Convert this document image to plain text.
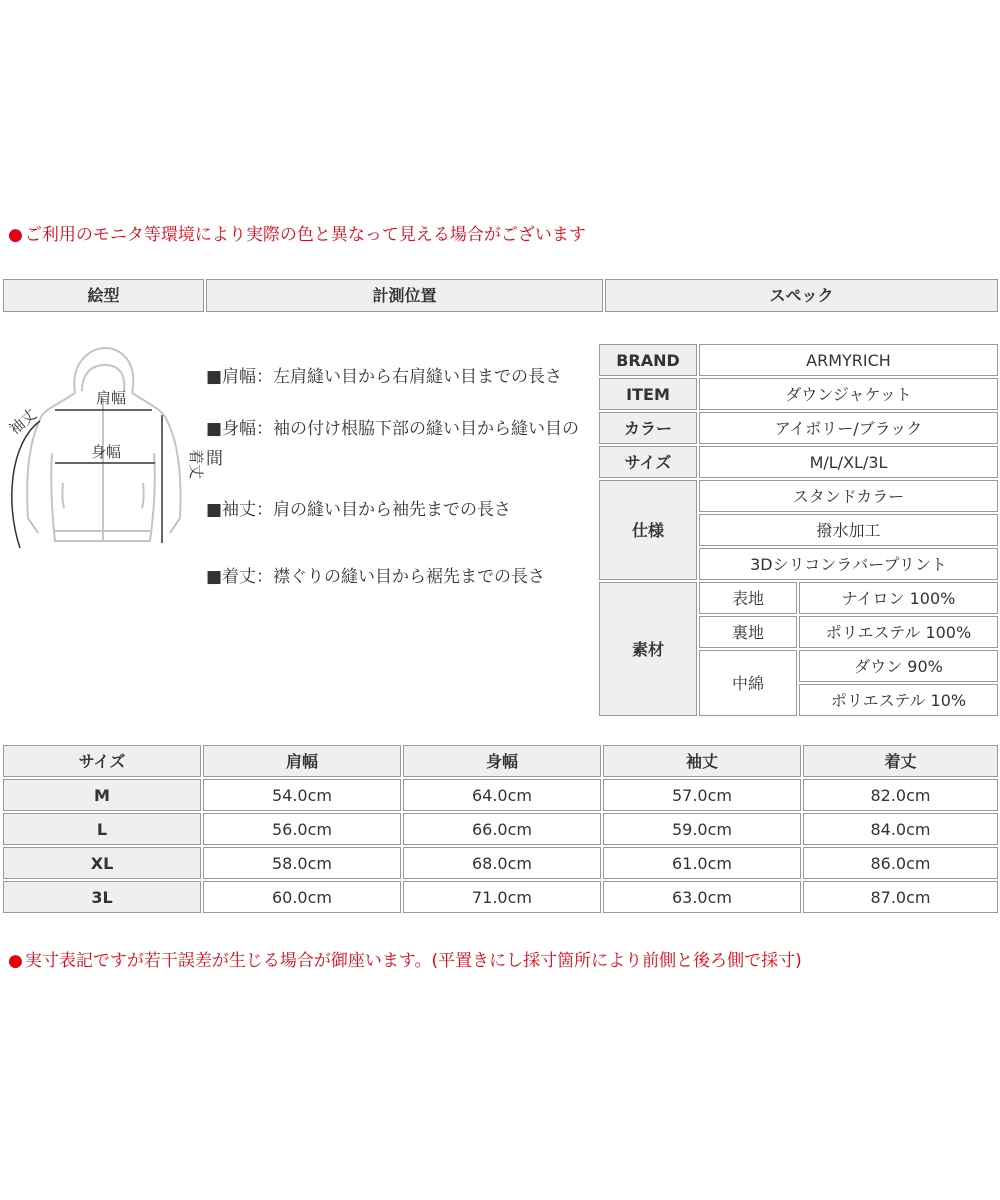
● ご利用のモニタ等環境により実際の色と異なって見える場合がございます
絵型	計測位置	スペック
肩幅
身幅
袖丈
着丈
■肩幅：左肩縫い目から右肩縫い目までの長さ
■身幅：袖の付け根脇下部の縫い目から縫い目の間
■袖丈：肩の縫い目から袖先までの長さ
■着丈：襟ぐりの縫い目から裾先までの長さ
BRAND	ARMYRICH	
ITEM	ダウンジャケット	
カラー	アイボリー/ブラック	
サイズ	M/L/XL/3L	
仕様	スタンドカラー	
	撥水加工	
	3Dシリコンラバープリント	
素材	表地	ナイロン 100%
	裏地	ポリエステル 100%
	中綿	ダウン 90%
		ポリエステル 10%
サイズ	肩幅	身幅	袖丈	着丈
M	54.0cm	64.0cm	57.0cm	82.0cm
L	56.0cm	66.0cm	59.0cm	84.0cm
XL	58.0cm	68.0cm	61.0cm	86.0cm
3L	60.0cm	71.0cm	63.0cm	87.0cm
● 実寸表記ですが若干誤差が生じる場合が御座います。(平置きにし採寸箇所により前側と後ろ側で採寸)
